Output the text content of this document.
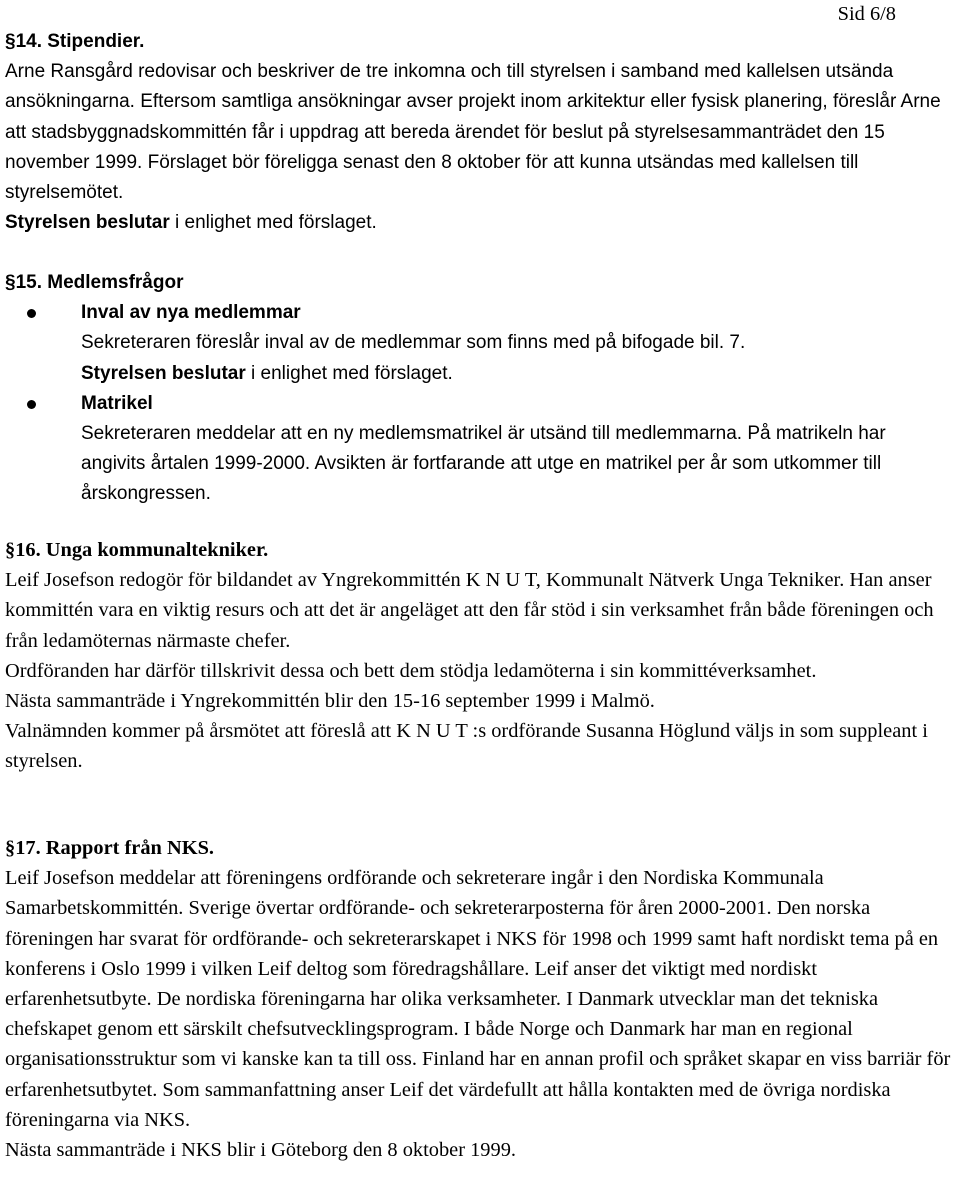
Sid 6/8
§14. Stipendier.

Arne Ransgård redovisar och beskriver de tre inkomna och till styrelsen i samband med kallelsen utsända ansökningarna. Eftersom samtliga ansökningar avser projekt inom arkitektur eller fysisk planering, föreslår Arne att stadsbyggnadskommittén får i uppdrag att bereda ärendet för beslut på styrelsesammanträdet den 15 november 1999. Förslaget bör föreligga senast den 8 oktober för att kunna utsändas med kallelsen till styrelsemötet.

Styrelsen beslutar i enlighet med förslaget.

§15. Medlemsfrågor
Inval av nya medlemmar

Sekreteraren föreslår inval av de medlemmar som finns med på bifogade bil. 7.

Styrelsen beslutar i enlighet med förslaget.

Matrikel

Sekreteraren meddelar att en ny medlemsmatrikel är utsänd till medlemmarna. På matrikeln har angivits årtalen 1999-2000. Avsikten är fortfarande att utge en matrikel per år som utkommer till årskongressen.

§16. Unga kommunaltekniker.

Leif Josefson redogör för bildandet av Yngrekommittén K N U T, Kommunalt Nätverk Unga Tekniker. Han anser kommittén vara en viktig resurs och att det är angeläget att den får stöd i sin verksamhet från både föreningen och från ledamöternas närmaste chefer.

Ordföranden har därför tillskrivit dessa och bett dem stödja ledamöterna i sin kommittéverksamhet.

Nästa sammanträde i Yngrekommittén blir den 15-16 september 1999 i Malmö.

Valnämnden kommer på årsmötet att föreslå att K N U T :s ordförande Susanna Höglund väljs in som suppleant i styrelsen.

§17. Rapport från NKS.

Leif Josefson meddelar att föreningens ordförande och sekreterare ingår i den Nordiska Kommunala Samarbetskommittén. Sverige övertar ordförande- och sekreterarposterna för åren 2000-2001. Den norska föreningen har svarat för ordförande- och sekreterarskapet i NKS för 1998 och 1999 samt haft nordiskt tema på en konferens i Oslo 1999 i vilken Leif deltog som föredragshållare. Leif anser det viktigt med nordiskt erfarenhetsutbyte. De nordiska föreningarna har olika verksamheter. I Danmark utvecklar man det tekniska chefskapet genom ett särskilt chefsutvecklingsprogram. I både Norge och Danmark har man en regional organisationsstruktur som vi kanske kan ta till oss. Finland har en annan profil och språket skapar en viss barriär för erfarenhetsutbytet. Som sammanfattning anser Leif det värdefullt att hålla kontakten med de övriga nordiska föreningarna via NKS.

Nästa sammanträde i NKS blir i Göteborg den 8 oktober 1999.
